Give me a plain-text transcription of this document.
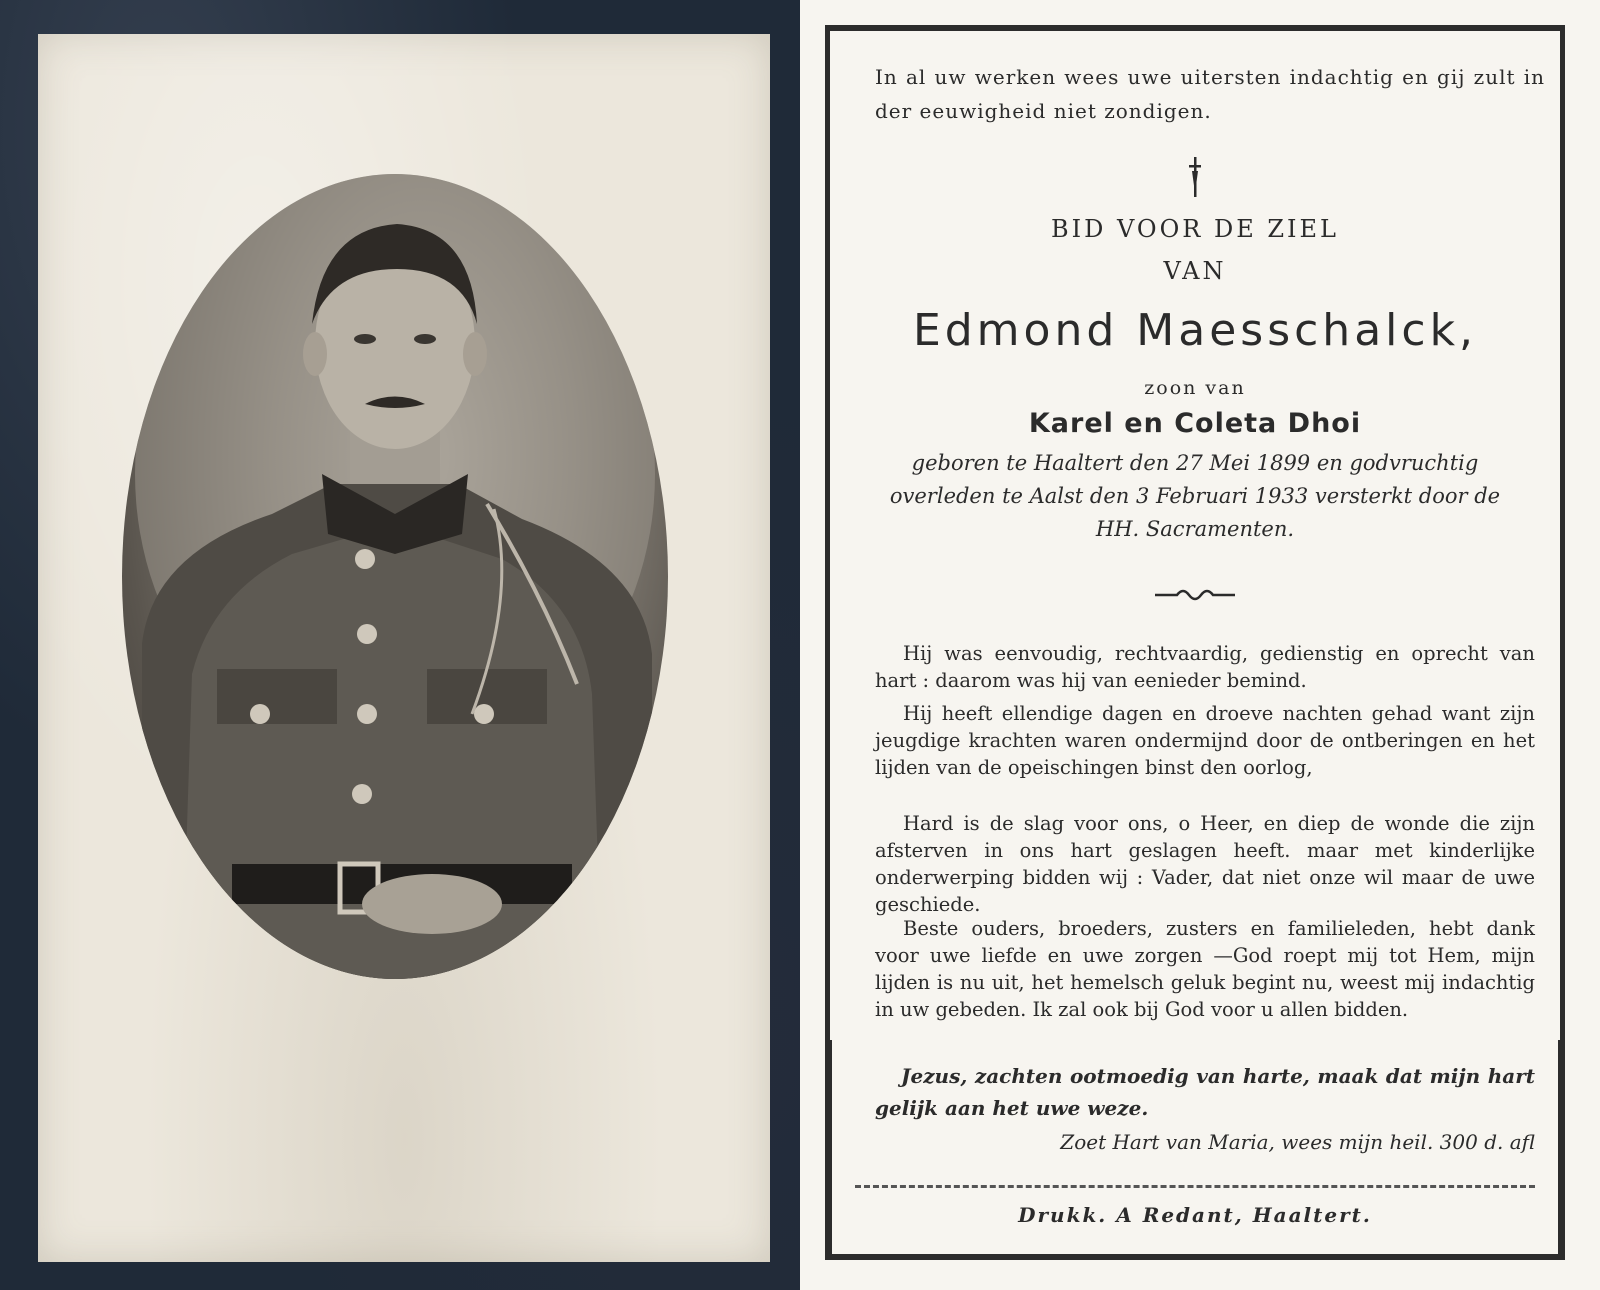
In al uw werken wees uwe uitersten indachtig en gij zult in der eeuwigheid niet zondigen.
BID VOOR DE ZIEL
VAN
Edmond Maesschalck,
zoon van
Karel en Coleta Dhoi
geboren te Haaltert den 27 Mei 1899 en godvruchtig overleden te Aalst den 3 Februari 1933 versterkt door de HH. Sacramenten.
Hij was eenvoudig, rechtvaardig, gedienstig en oprecht van hart : daarom was hij van eenieder bemind.
Hij heeft ellendige dagen en droeve nachten gehad want zijn jeugdige krachten waren ondermijnd door de ontberingen en het lijden van de opeischingen binst den oorlog,
Hard is de slag voor ons, o Heer, en diep de wonde die zijn afsterven in ons hart geslagen heeft. maar met kinderlijke onderwerping bidden wij : Vader, dat niet onze wil maar de uwe geschiede.
Beste ouders, broeders, zusters en familieleden, hebt dank voor uwe liefde en uwe zorgen —God roept mij tot Hem, mijn lijden is nu uit, het hemelsch geluk begint nu, weest mij indachtig in uw gebeden. Ik zal ook bij God voor u allen bidden.
Jezus, zachten ootmoedig van harte, maak dat mijn hart gelijk aan het uwe weze.
Zoet Hart van Maria, wees mijn heil. 300 d. afl
Drukk. A Redant, Haaltert.
